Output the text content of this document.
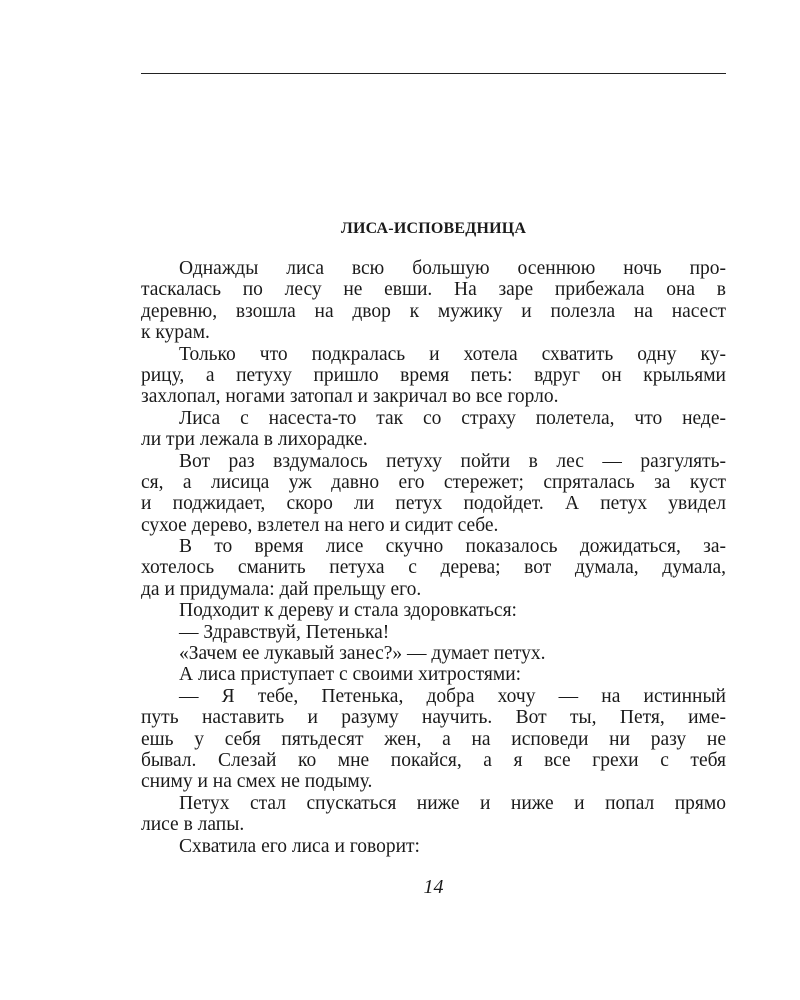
ЛИСА-ИСПОВЕДНИЦА
Однажды лиса всю большую осеннюю ночь про-
таскалась по лесу не евши. На заре прибежала она в
деревню, взошла на двор к мужику и полезла на насест
к курам.
Только что подкралась и хотела схватить одну ку-
рицу, а петуху пришло время петь: вдруг он крыльями
захлопал, ногами затопал и закричал во все горло.
Лиса с насеста-то так со страху полетела, что неде-
ли три лежала в лихорадке.
Вот раз вздумалось петуху пойти в лес — разгулять-
ся, а лисица уж давно его стережет; спряталась за куст
и поджидает, скоро ли петух подойдет. А петух увидел
сухое дерево, взлетел на него и сидит себе.
В то время лисе скучно показалось дожидаться, за-
хотелось сманить петуха с дерева; вот думала, думала,
да и придумала: дай прельщу его.
Подходит к дереву и стала здоровкаться:
— Здравствуй, Петенька!
«Зачем ее лукавый занес?» — думает петух.
А лиса приступает с своими хитростями:
— Я тебе, Петенька, добра хочу — на истинный
путь наставить и разуму научить. Вот ты, Петя, име-
ешь у себя пятьдесят жен, а на исповеди ни разу не
бывал. Слезай ко мне покайся, а я все грехи с тебя
сниму и на смех не подыму.
Петух стал спускаться ниже и ниже и попал прямо
лисе в лапы.
Схватила его лиса и говорит:
14
